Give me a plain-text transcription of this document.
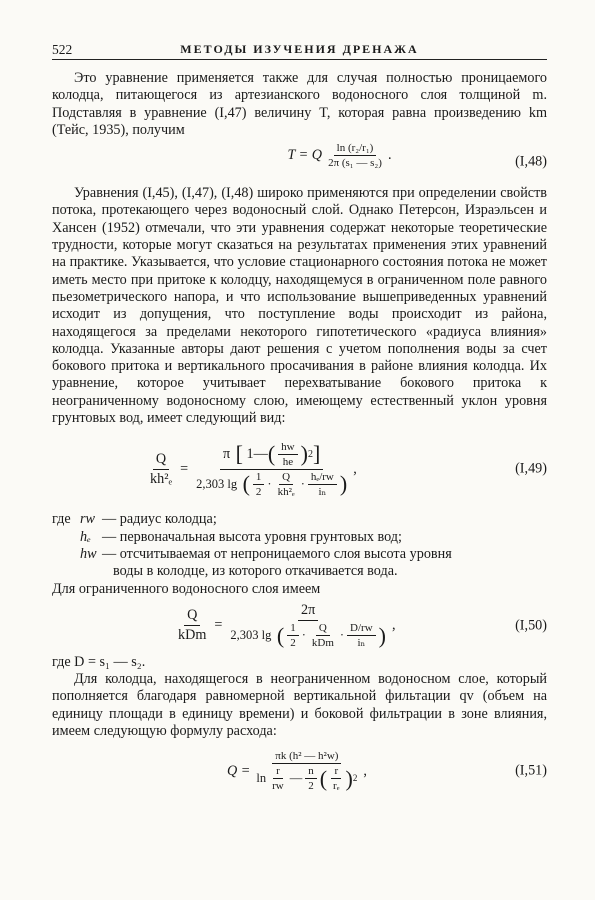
522	МЕТОДЫ ИЗУЧЕНИЯ ДРЕНАЖА

Это уравнение применяется также для случая полностью проницаемого колодца, питающегося из артезианского водоносного слоя толщиной m. Подставляя в уравнение (I,47) величину T, которая равна произведению km (Тейс, 1935), получим

T = Q $\frac{\text{ln (r₂/r₁)}}{\text{2π (s₁ — s₂)}}$ .	(I,48)

Уравнения (I,45), (I,47), (I,48) широко применяются при определении свойств потока, протекающего через водоносный слой. Однако Петерсон, Израэльсен и Хансен (1952) отмечали, что эти уравнения содержат некоторые теоретические трудности, которые могут сказаться на результатах применения этих уравнений на практике. Указывается, что условие стационарного состояния потока не может иметь место при притоке к колодцу, находящемуся в ограниченном поле равного пьезометрического напора, и что использование вышеприведенных уравнений исходит из допущения, что поступление воды происходит из района, находящегося за пределами некоторого гипотетического «радиуса влияния» колодца. Указанные авторы дают решения с учетом пополнения воды за счет бокового притока и вертикального просачивания в районе влияния колодца. Их уравнение, которое учитывает перехватывание бокового притока к неограниченному водоносному слою, имеющему естественный уклон уровня грунтовых вод, имеет следующий вид:

$\frac{Q}{\text{kh²ₑ}}$ =
π [ 1— ( $\frac{hw}{he}$ ) 2 ]
2,303 lg ( $\frac{1}{2} \cdot \frac{Q}{\text{kh²ₑ}} \cdot \frac{\text{hₑ/rw}}{\text{iₙ}}$ )
,	(I,49)
где rw — радиус колодца;
hₑ — первоначальная высота уровня грунтовых вод;
hw — отсчитываемая от непроницаемого слоя высота уровня
воды в колодце, из которого откачивается вода.
Для ограниченного водоносного слоя имеем
$\frac{Q}{\text{kDm}}$ =
2π
2,303 lg ( $\frac{1}{2} \cdot \frac{Q}{\text{kDm}} \cdot \frac{D/rw}{\text{iₙ}}$ ) ,	(I,50)
где D = s₁ — s₂.

Для колодца, находящегося в неограниченном водоносном слое, который пополняется благодаря равномерной вертикальной фильтации qv (объем на единицу площади в единицу времени) и боковой фильтрации в зоне влияния, имеем следующую формулу расхода:

Q =
πk (h² — h²w)
$\ln \frac{r}{rw}$ — $\frac{n}{2}$ ( $\frac{r}{\text{rₑ}}$ ) 2 ,	(I,51)
